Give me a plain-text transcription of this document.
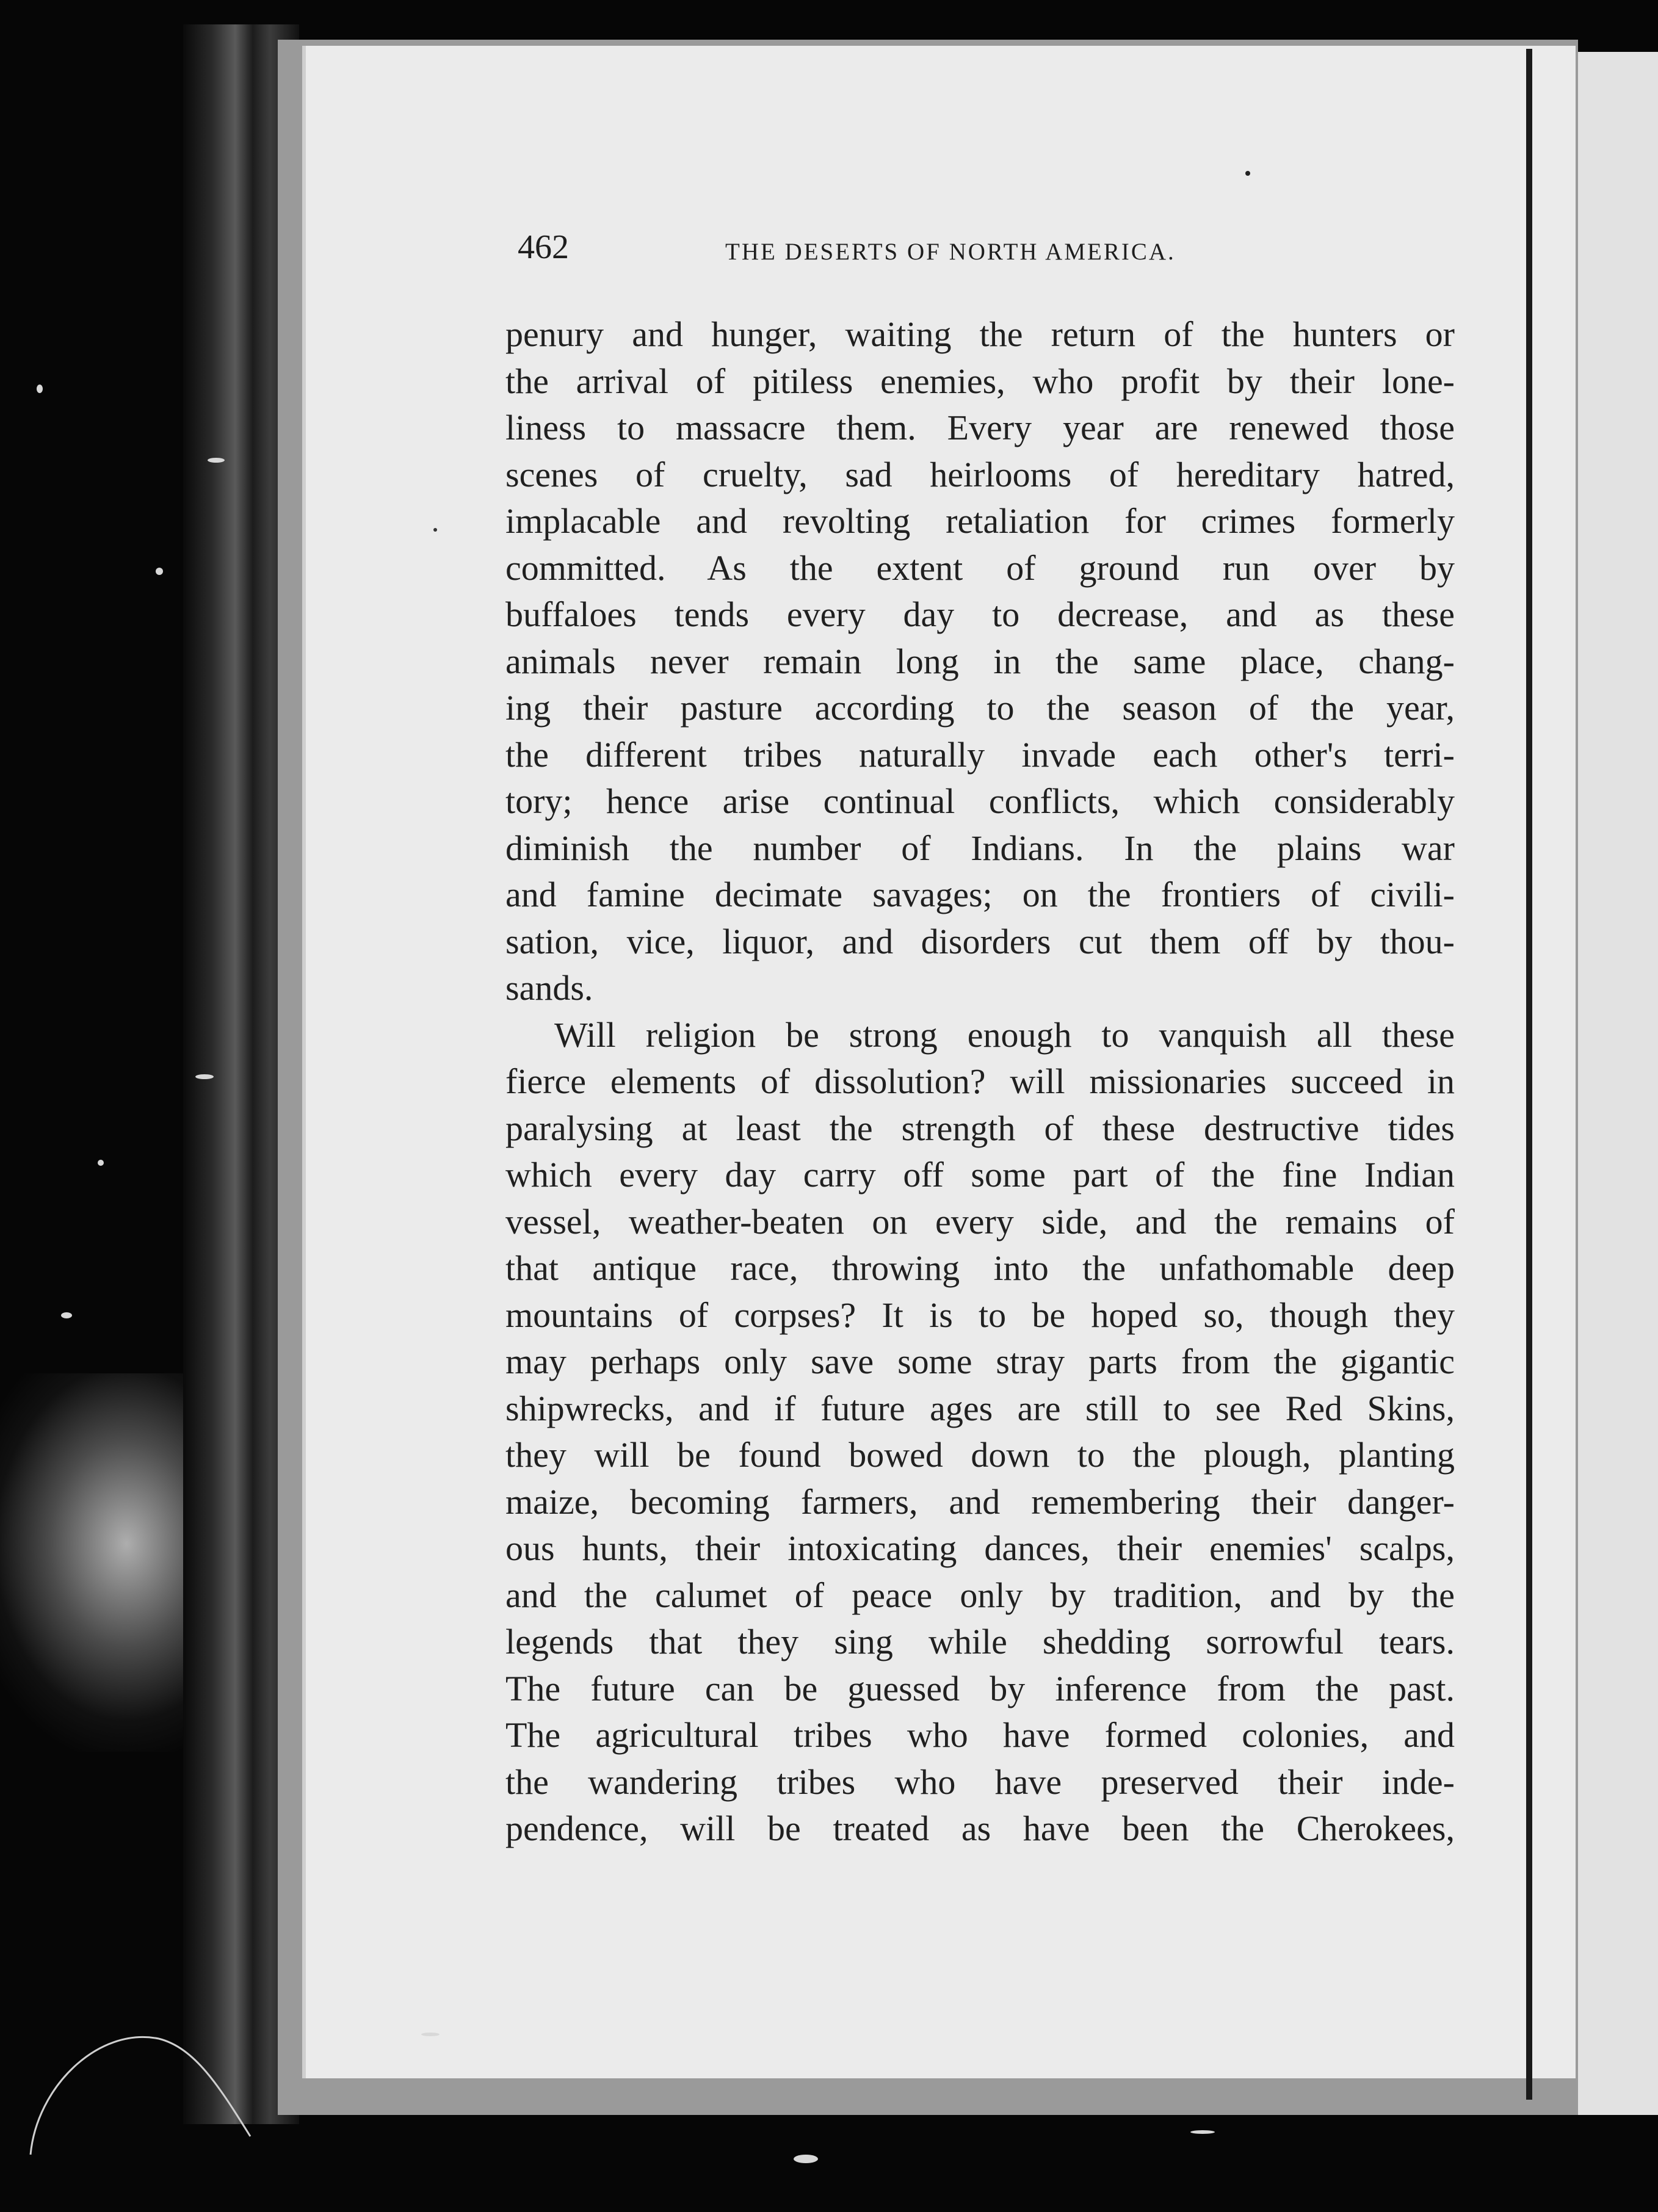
462	THE DESERTS OF NORTH AMERICA.
penury and hunger, waiting the return of the hunters or
the arrival of pitiless enemies, who profit by their lone-
liness to massacre them. Every year are renewed those
scenes of cruelty, sad heirlooms of hereditary hatred,
implacable and revolting retaliation for crimes formerly
committed. As the extent of ground run over by
buffaloes tends every day to decrease, and as these
animals never remain long in the same place, chang-
ing their pasture according to the season of the year,
the different tribes naturally invade each other's terri-
tory; hence arise continual conflicts, which considerably
diminish the number of Indians. In the plains war
and famine decimate savages; on the frontiers of civili-
sation, vice, liquor, and disorders cut them off by thou-
sands.
Will religion be strong enough to vanquish all these
fierce elements of dissolution? will missionaries succeed in
paralysing at least the strength of these destructive tides
which every day carry off some part of the fine Indian
vessel, weather-beaten on every side, and the remains of
that antique race, throwing into the unfathomable deep
mountains of corpses? It is to be hoped so, though they
may perhaps only save some stray parts from the gigantic
shipwrecks, and if future ages are still to see Red Skins,
they will be found bowed down to the plough, planting
maize, becoming farmers, and remembering their danger-
ous hunts, their intoxicating dances, their enemies' scalps,
and the calumet of peace only by tradition, and by the
legends that they sing while shedding sorrowful tears.
The future can be guessed by inference from the past.
The agricultural tribes who have formed colonies, and
the wandering tribes who have preserved their inde-
pendence, will be treated as have been the Cherokees,
